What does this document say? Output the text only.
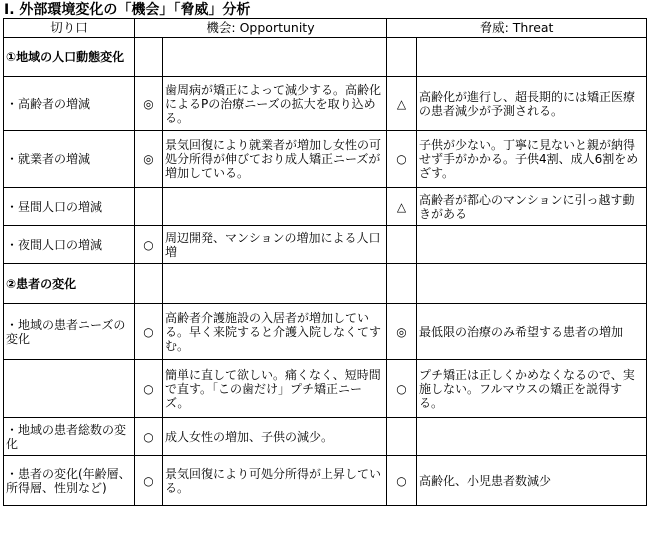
Ⅰ. 外部環境変化の「機会」「脅威」分析
切り口	機会: Opportunity		脅威: Threat	
①地域の人口動態変化				
・高齢者の増減	◎	歯周病が矯正によって減少する。高齢化によるPの治療ニーズの拡大を取り込める。	△	高齢化が進行し、超長期的には矯正医療の患者減少が予測される。
・就業者の増減	◎	景気回復により就業者が増加し女性の可処分所得が伸びており成人矯正ニーズが増加している。	○	子供が少ない。丁寧に見ないと親が納得せず手がかかる。子供4割、成人6割をめざす。
・昼間人口の増減			△	高齢者が都心のマンションに引っ越す動きがある
・夜間人口の増減	○	周辺開発、マンションの増加による人口増		
②患者の変化				
・地域の患者ニーズの変化	○	高齢者介護施設の入居者が増加している。早く来院すると介護入院しなくてすむ。	◎	最低限の治療のみ希望する患者の増加
	○	簡単に直して欲しい。痛くなく、短時間で直す。「この歯だけ」プチ矯正ニーズ。	○	プチ矯正は正しくかめなくなるので、実施しない。フルマウスの矯正を説得する。
・地域の患者総数の変化	○	成人女性の増加、子供の減少。		
・患者の変化(年齢層、所得層、性別など)	○	景気回復により可処分所得が上昇している。	○	高齢化、小児患者数減少
